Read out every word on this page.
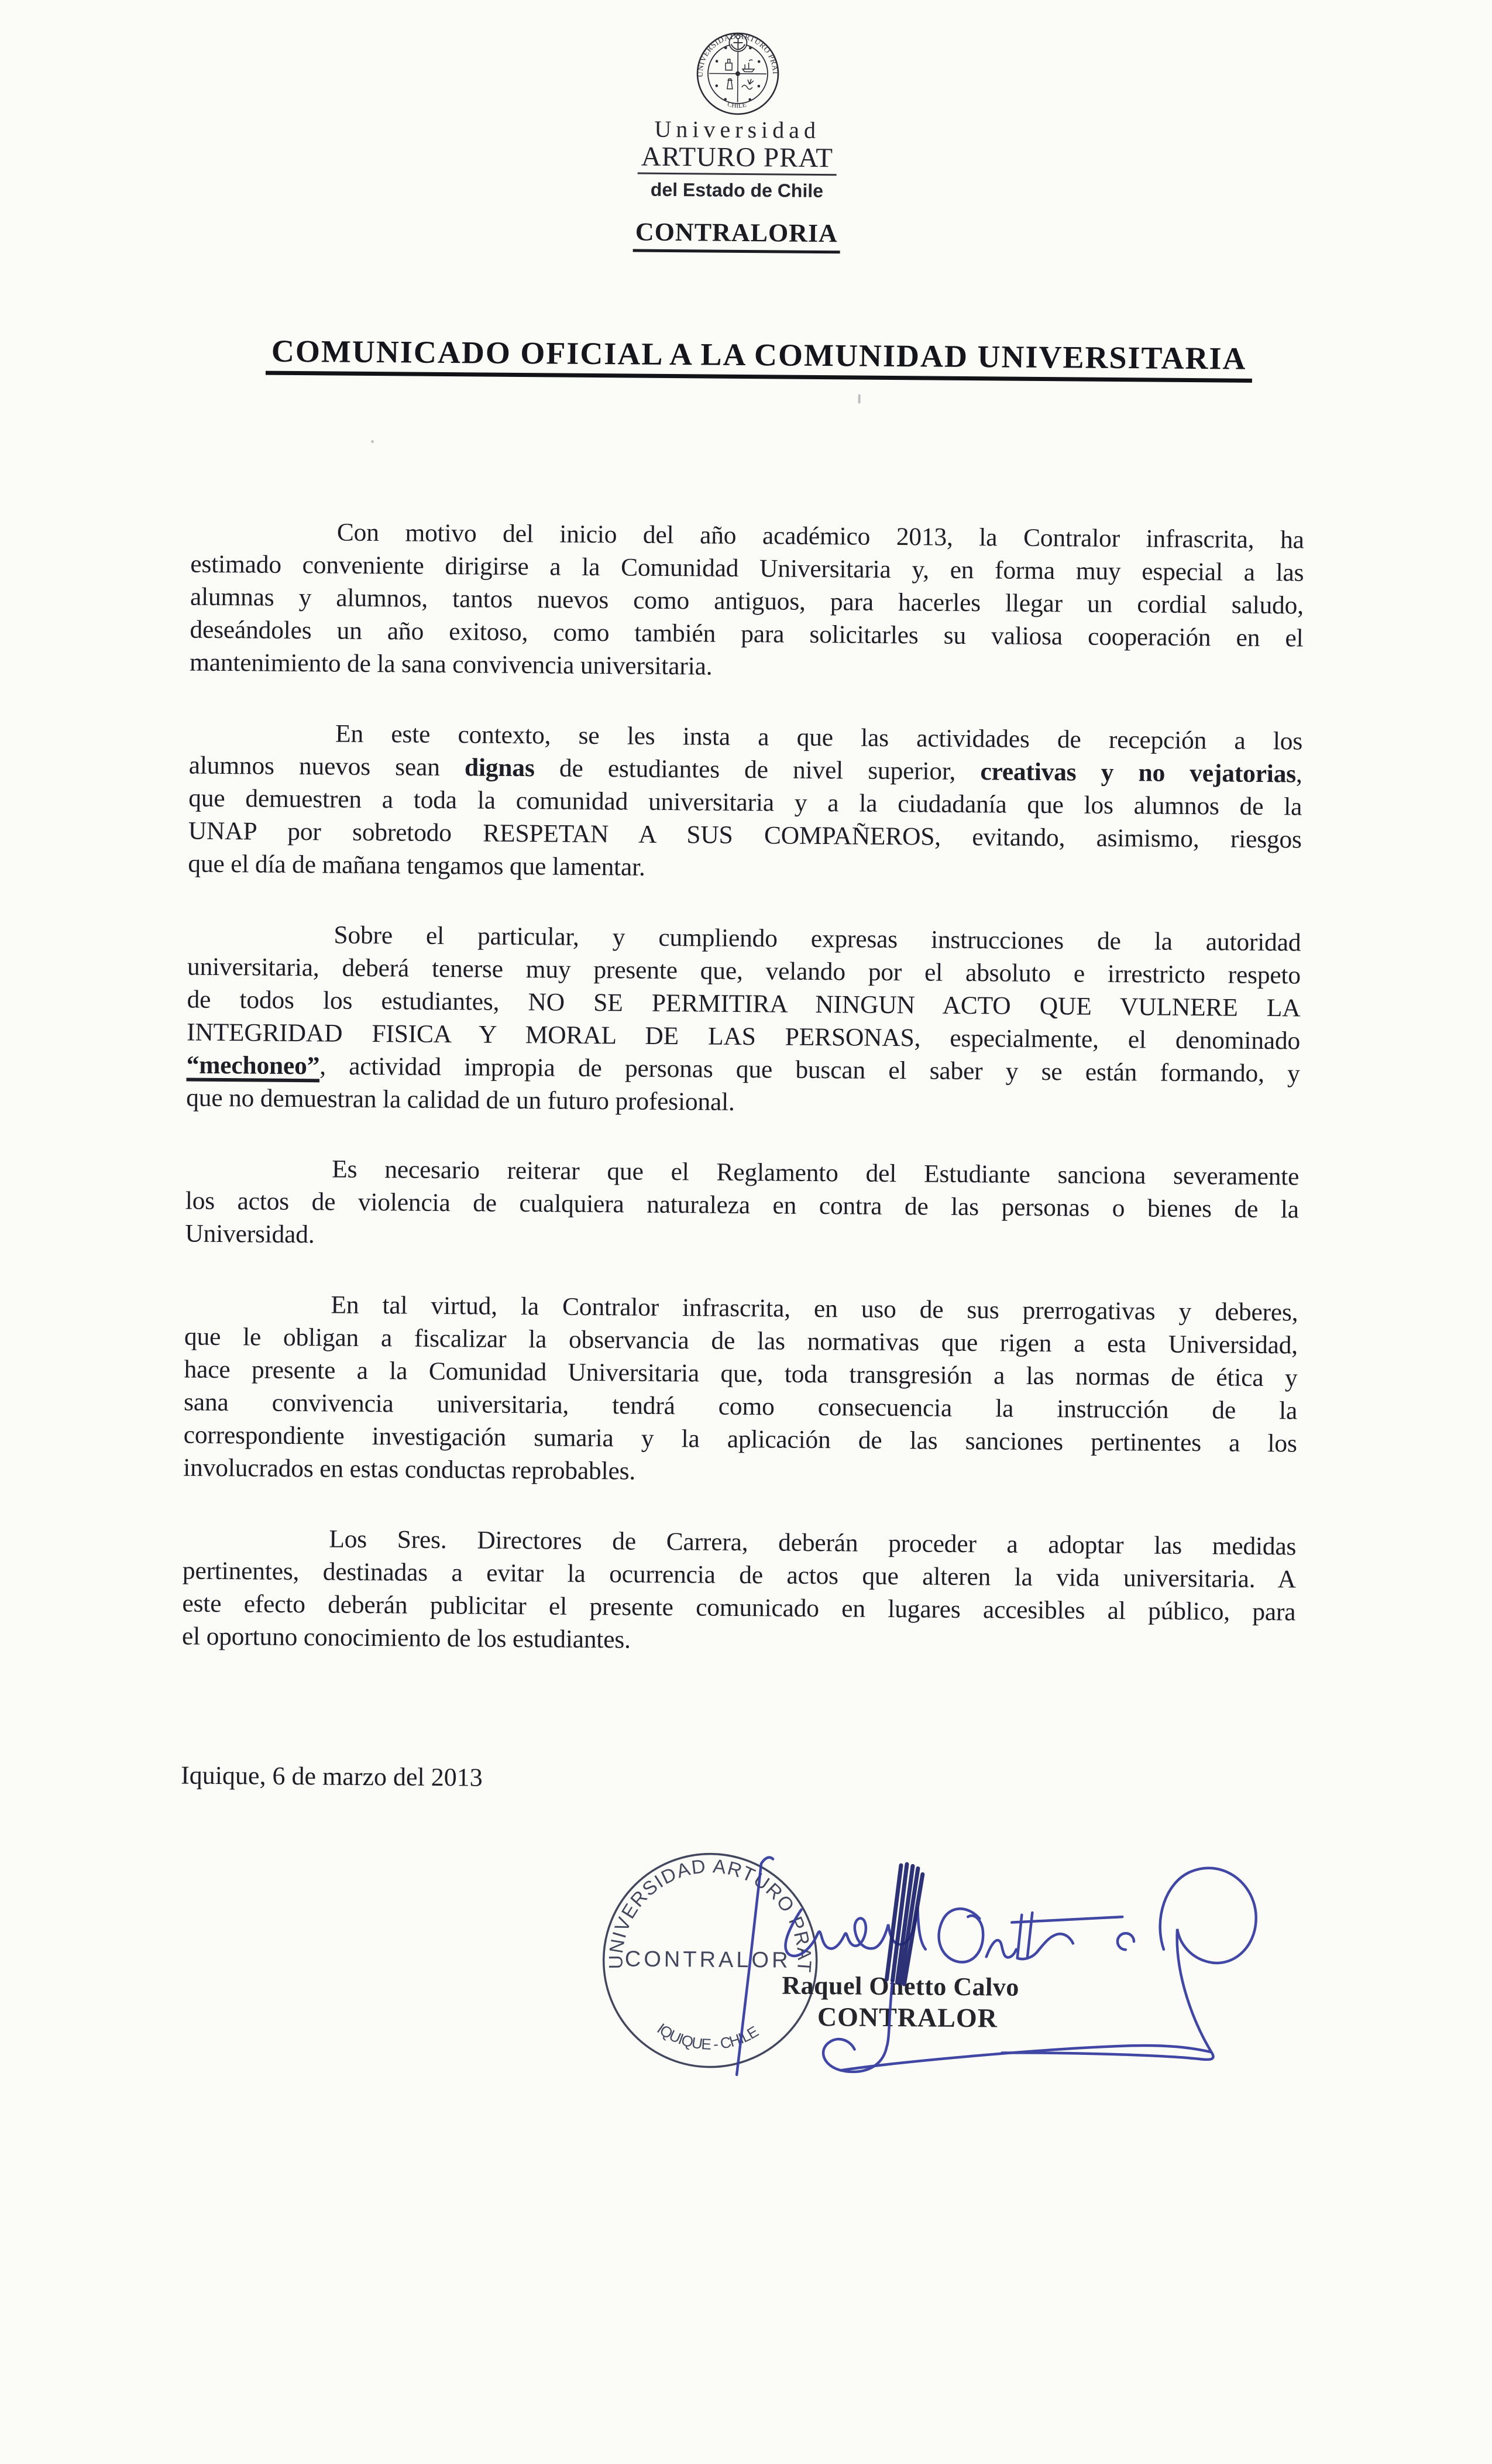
UNIVERSIDAD ARTURO PRAT
CHILE
Universidad
ARTURO PRAT
del Estado de Chile
CONTRALORIA
COMUNICADO OFICIAL A LA COMUNIDAD UNIVERSITARIA
Con motivo del inicio del año académico 2013, la Contralor infrascrita, ha
estimado conveniente dirigirse a la Comunidad Universitaria y, en forma muy especial a las
alumnas y alumnos, tantos nuevos como antiguos, para hacerles llegar un cordial saludo,
deseándoles un año exitoso, como también para solicitarles su valiosa cooperación en el
mantenimiento de la sana convivencia universitaria.
En este contexto, se les insta a que las actividades de recepción a los
alumnos nuevos sean dignas de estudiantes de nivel superior, creativas y no vejatorias,
que demuestren a toda la comunidad universitaria y a la ciudadanía que los alumnos de la
UNAP por sobretodo RESPETAN A SUS COMPAÑEROS, evitando, asimismo, riesgos
que el día de mañana tengamos que lamentar.
Sobre el particular, y cumpliendo expresas instrucciones de la autoridad
universitaria, deberá tenerse muy presente que, velando por el absoluto e irrestricto respeto
de todos los estudiantes, NO SE PERMITIRA NINGUN ACTO QUE VULNERE LA
INTEGRIDAD FISICA Y MORAL DE LAS PERSONAS, especialmente, el denominado
“mechoneo”, actividad impropia de personas que buscan el saber y se están formando, y
que no demuestran la calidad de un futuro profesional.
Es necesario reiterar que el Reglamento del Estudiante sanciona severamente
los actos de violencia de cualquiera naturaleza en contra de las personas o bienes de la
Universidad.
En tal virtud, la Contralor infrascrita, en uso de sus prerrogativas y deberes,
que le obligan a fiscalizar la observancia de las normativas que rigen a esta Universidad,
hace presente a la Comunidad Universitaria que, toda transgresión a las normas de ética y
sana convivencia universitaria, tendrá como consecuencia la instrucción de la
correspondiente investigación sumaria y la aplicación de las sanciones pertinentes a los
involucrados en estas conductas reprobables.
Los Sres. Directores de Carrera, deberán proceder a adoptar las medidas
pertinentes, destinadas a evitar la ocurrencia de actos que alteren la vida universitaria. A
este efecto deberán publicitar el presente comunicado en lugares accesibles al público, para
el oportuno conocimiento de los estudiantes.
Iquique, 6 de marzo del 2013
UNIVERSIDAD ARTURO PRAT
IQUIQUE - CHILE
CONTRALOR
Raquel Onetto Calvo
CONTRALOR
